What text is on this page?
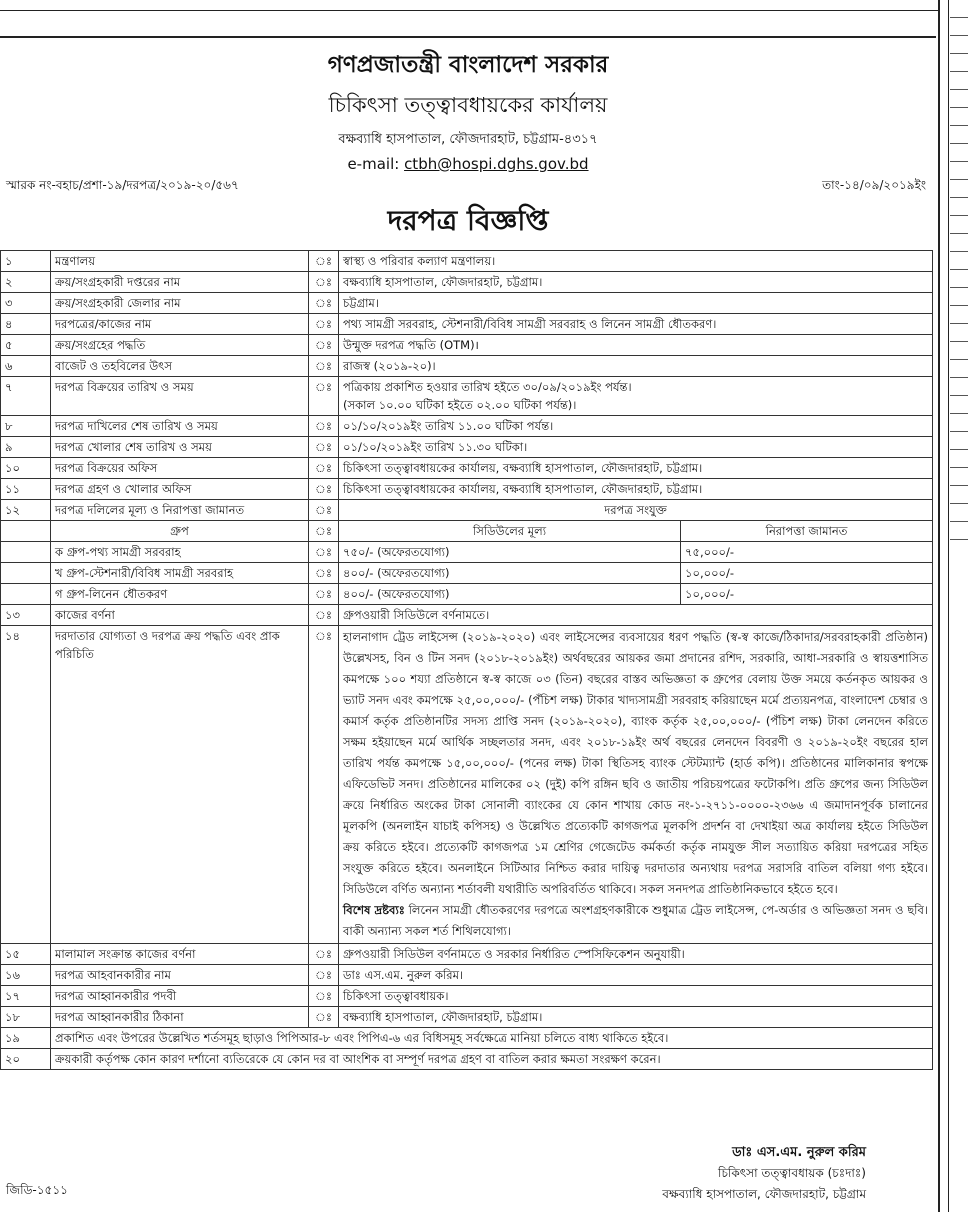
গণপ্রজাতন্ত্রী বাংলাদেশ সরকার
চিকিৎসা তত্ত্বাবধায়কের কার্যালয়
বক্ষব্যাধি হাসপাতাল, ফৌজদারহাট, চট্টগ্রাম-৪৩১৭
e-mail: ctbh@hospi.dghs.gov.bd
স্মারক নং-বহাচ/প্রশা-১৯/দরপত্র/২০১৯-২০/৫৬৭	তাং-১৪/০৯/২০১৯ইং
দরপত্র বিজ্ঞপ্তি
১	মন্ত্রণালয়	ঃ	স্বাস্থ্য ও পরিবার কল্যাণ মন্ত্রণালয়।	

২	ক্রয়/সংগ্রহকারী দপ্তরের নাম	ঃ	বক্ষব্যাধি হাসপাতাল, ফৌজদারহাট, চট্টগ্রাম।	

৩	ক্রয়/সংগ্রহকারী জেলার নাম	ঃ	চট্টগ্রাম।	

৪	দরপত্রের/কাজের নাম	ঃ	পথ্য সামগ্রী সরবরাহ, স্টেশনারী/বিবিধ সামগ্রী সরবরাহ ও লিনেন সামগ্রী ধৌতকরণ।	

৫	ক্রয়/সংগ্রহের পদ্ধতি	ঃ	উন্মুক্ত দরপত্র পদ্ধতি (OTM)।	

৬	বাজেট ও তহবিলের উৎস	ঃ	রাজস্ব (২০১৯-২০)।	

৭	দরপত্র বিক্রয়ের তারিখ ও সময়	ঃ	পত্রিকায় প্রকাশিত হওয়ার তারিখ হইতে ৩০/০৯/২০১৯ইং পর্যন্ত।
(সকাল ১০.০০ ঘটিকা হইতে ০২.০০ ঘটিকা পর্যন্ত)।	

৮	দরপত্র দাখিলের শেষ তারিখ ও সময়	ঃ	০১/১০/২০১৯ইং তারিখ ১১.০০ ঘটিকা পর্যন্ত।	

৯	দরপত্র খোলার শেষ তারিখ ও সময়	ঃ	০১/১০/২০১৯ইং তারিখ ১১.৩০ ঘটিকা।	

১০	দরপত্র বিক্রয়ের অফিস	ঃ	চিকিৎসা তত্ত্বাবধায়কের কার্যালয়, বক্ষব্যাধি হাসপাতাল, ফৌজদারহাট, চট্টগ্রাম।	

১১	দরপত্র গ্রহণ ও খোলার অফিস	ঃ	চিকিৎসা তত্ত্বাবধায়কের কার্যালয়, বক্ষব্যাধি হাসপাতাল, ফৌজদারহাট, চট্টগ্রাম।	

১২	দরপত্র দলিলের মূল্য ও নিরাপত্তা জামানত	ঃ	দরপত্র সংযুক্ত	
	গ্রুপ	ঃ	সিডিউলের মূল্য	নিরাপত্তা জামানত
	ক গ্রুপ-পথ্য সামগ্রী সরবরাহ	ঃ	৭৫০/- (অফেরতযোগ্য)	৭৫,০০০/-
	খ গ্রুপ-স্টেশনারী/বিবিধ সামগ্রী সরবরাহ	ঃ	৪০০/- (অফেরতযোগ্য)	১০,০০০/-
	গ গ্রুপ-লিনেন ধৌতকরণ	ঃ	৪০০/- (অফেরতযোগ্য)	১০,০০০/-
১৩	কাজের বর্ণনা	ঃ	গ্রুপওয়ারী সিডিউলে বর্ণনামতে।	
১৪	দরদাতার যোগ্যতা ও দরপত্র ক্রয় পদ্ধতি এবং প্রাক পরিচিতি	ঃ	হালনাগাদ ট্রেড লাইসেন্স (২০১৯-২০২০) এবং লাইসেন্সের ব্যবসায়ের ধরণ পদ্ধতি (স্ব-স্ব কাজে/ঠিকাদার/সরবরাহকারী প্রতিষ্ঠান) উল্লেখসহ, বিন ও টিন সনদ (২০১৮-২০১৯ইং) অর্থবছরের আয়কর জমা প্রদানের রশিদ, সরকারি, আধা-সরকারি ও স্বায়ত্তশাসিত কমপক্ষে ১০০ শয্যা প্রতিষ্ঠানে স্ব-স্ব কাজে ০৩ (তিন) বছরের বাস্তব অভিজ্ঞতা ক গ্রুপের বেলায় উক্ত সময়ে কর্তনকৃত আয়কর ও ভ্যাট সনদ এবং কমপক্ষে ২৫,০০,০০০/- (পঁচিশ লক্ষ) টাকার খাদ্যসামগ্রী সরবরাহ করিয়াছেন মর্মে প্রত্যয়নপত্র, বাংলাদেশ চেম্বার ও কমার্স কর্তৃক প্রতিষ্ঠানটির সদস্য প্রাপ্তি সনদ (২০১৯-২০২০), ব্যাংক কর্তৃক ২৫,০০,০০০/- (পঁচিশ লক্ষ) টাকা লেনদেন করিতে সক্ষম হইয়াছেন মর্মে আর্থিক সচ্ছলতার সনদ, এবং ২০১৮-১৯ইং অর্থ বছরের লেনদেন বিবরণী ও ২০১৯-২০ইং বছরের হাল তারিখ পর্যন্ত কমপক্ষে ১৫,০০,০০০/- (পনের লক্ষ) টাকা স্থিতিসহ ব্যাংক স্টেটম্যান্ট (হার্ড কপি)। প্রতিষ্ঠানের মালিকানার স্বপক্ষে এফিডেভিট সনদ। প্রতিষ্ঠানের মালিকের ০২ (দুই) কপি রঙ্গিন ছবি ও জাতীয় পরিচয়পত্রের ফটোকপি। প্রতি গ্রুপের জন্য সিডিউল ক্রয়ে নির্ধারিত অংকের টাকা সোনালী ব্যাংকের যে কোন শাখায় কোড নং-১-২৭১১-০০০০-২৩৬৬ এ জমাদানপূর্বক চালানের মূলকপি (অনলাইন যাচাই কপিসহ) ও উল্লেখিত প্রত্যেকটি কাগজপত্র মূলকপি প্রদর্শন বা দেখাইয়া অত্র কার্যালয় হইতে সিডিউল ক্রয় করিতে হইবে। প্রত্যেকটি কাগজপত্র ১ম শ্রেণির গেজেটেড কর্মকর্তা কর্তৃক নামযুক্ত সীল সত্যায়িত করিয়া দরপত্রের সহিত সংযুক্ত করিতে হইবে। অনলাইনে সিটিআর নিশ্চিত করার দায়িত্ব দরদাতার অন্যথায় দরপত্র সরাসরি বাতিল বলিয়া গণ্য হইবে। সিডিউলে বর্ণিত অন্যান্য শর্তাবলী যথারীতি অপরিবর্তিত থাকিবে। সকল সনদপত্র প্রাতিষ্ঠানিকভাবে হইতে হবে।
বিশেষ দ্রষ্টব্যঃ লিনেন সামগ্রী ধৌতকরণের দরপত্রে অংশগ্রহণকারীকে শুধুমাত্র ট্রেড লাইসেন্স, পে-অর্ডার ও অভিজ্ঞতা সনদ ও ছবি। বাকী অন্যান্য সকল শর্ত শিথিলযোগ্য।	
১৫	মালামাল সংক্রান্ত কাজের বর্ণনা	ঃ	গ্রুপওয়ারী সিডিউল বর্ণনামতে ও সরকার নির্ধারিত স্পেসিফিকেশন অনুযায়ী।	

১৬	দরপত্র আহবানকারীর নাম	ঃ	ডাঃ এস.এম. নুরুল করিম।	

১৭	দরপত্র আহ্বানকারীর পদবী	ঃ	চিকিৎসা তত্ত্বাবধায়ক।	

১৮	দরপত্র আহ্বানকারীর ঠিকানা	ঃ	বক্ষব্যাধি হাসপাতাল, ফৌজদারহাট, চট্টগ্রাম।	

১৯	প্রকাশিত এবং উপরের উল্লেখিত শর্তসমূহ ছাড়াও পিপিআর-৮ এবং পিপিএ-৬ এর বিধিসমূহ সর্বক্ষেত্রে মানিয়া চলিতে বাধ্য থাকিতে হইবে।			
২০	ক্রয়কারী কর্তৃপক্ষ কোন কারণ দর্শানো ব্যতিরেকে যে কোন দর বা আংশিক বা সম্পূর্ণ দরপত্র গ্রহণ বা বাতিল করার ক্ষমতা সংরক্ষণ করেন।			
ডাঃ এস.এম. নুরুল করিম
চিকিৎসা তত্ত্বাবধায়ক (চঃদাঃ)
বক্ষব্যাধি হাসপাতাল, ফৌজদারহাট, চট্টগ্রাম
জিডি-১৫১১
